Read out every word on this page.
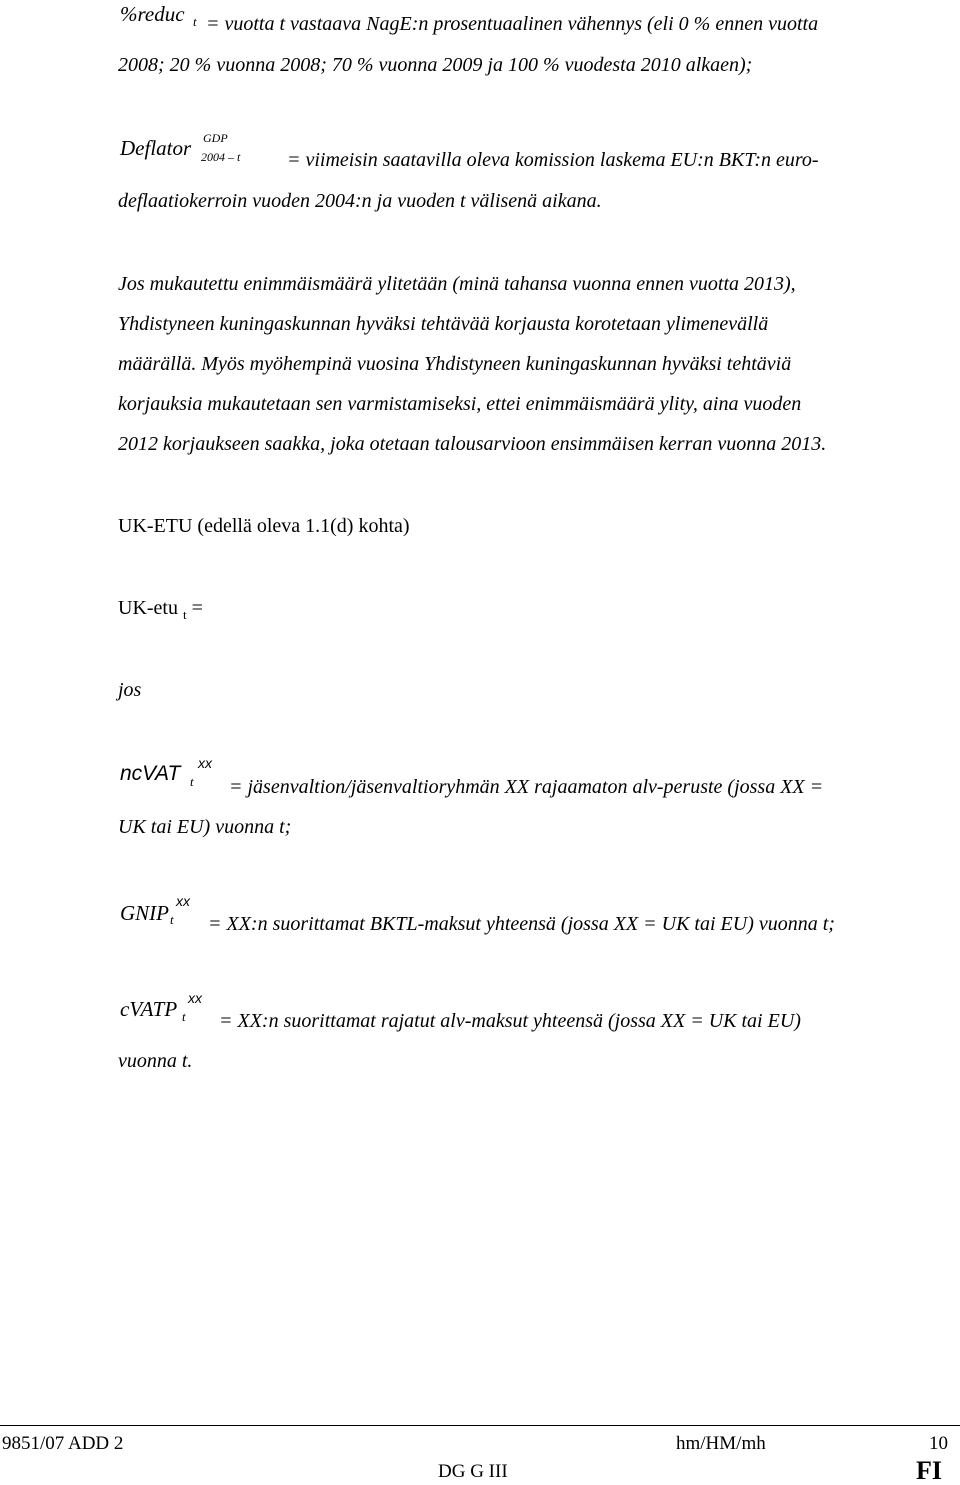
%reduc t = vuotta t vastaava NagE:n prosentuaalinen vähennys (eli 0 % ennen vuotta
2008; 20 % vuonna 2008; 70 % vuonna 2009 ja 100 % vuodesta 2010 alkaen);
Deflator GDP
2004 – t = viimeisin saatavilla oleva komission laskema EU:n BKT:n euro-
deflaatiokerroin vuoden 2004:n ja vuoden t välisenä aikana.
Jos mukautettu enimmäismäärä ylitetään (minä tahansa vuonna ennen vuotta 2013),
Yhdistyneen kuningaskunnan hyväksi tehtävää korjausta korotetaan ylimenevällä
määrällä. Myös myöhempinä vuosina Yhdistyneen kuningaskunnan hyväksi tehtäviä
korjauksia mukautetaan sen varmistamiseksi, ettei enimmäismäärä ylity, aina vuoden
2012 korjaukseen saakka, joka otetaan talousarvioon ensimmäisen kerran vuonna 2013.
UK-ETU (edellä oleva 1.1(d) kohta)
UK-etu $_t$ =
jos
ncVAT xx
t = jäsenvaltion/jäsenvaltioryhmän XX rajaamaton alv-peruste (jossa XX =
UK tai EU) vuonna t;
GNIP xx
t = XX:n suorittamat BKTL-maksut yhteensä (jossa XX = UK tai EU) vuonna t;
cVATP xx
t = XX:n suorittamat rajatut alv-maksut yhteensä (jossa XX = UK tai EU)
vuonna t.
9851/07 ADD 2	hm/HM/mh	10
DG G III	FI
